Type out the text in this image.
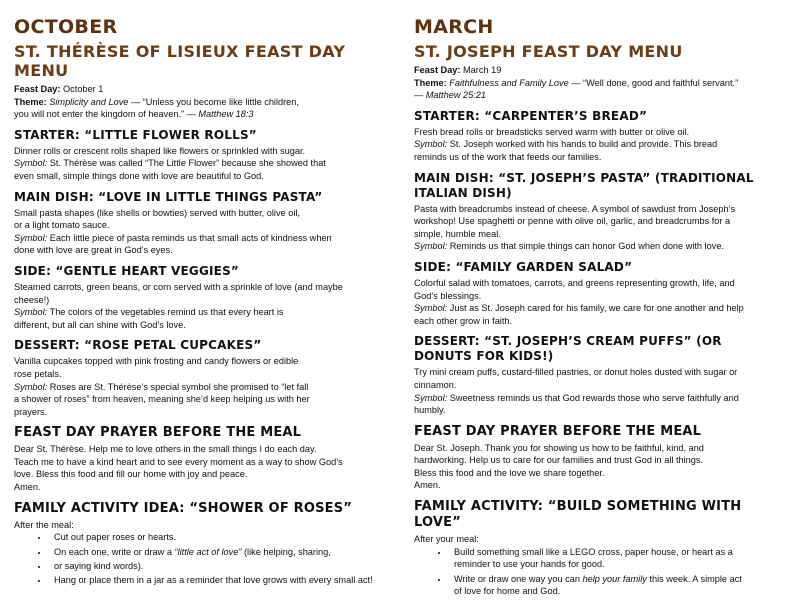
OCTOBER
ST. THÉRÈSE OF LISIEUX FEAST DAY MENU

Feast Day: October 1

Theme: Simplicity and Love — “Unless you become like little children,
you will not enter the kingdom of heaven.” — Matthew 18:3

STARTER: “LITTLE FLOWER ROLLS”

Dinner rolls or crescent rolls shaped like flowers or sprinkled with sugar.

Symbol: St. Thérèse was called “The Little Flower” because she showed that
even small, simple things done with love are beautiful to God.

MAIN DISH: “LOVE IN LITTLE THINGS PASTA”

Small pasta shapes (like shells or bowties) served with butter, olive oil,
or a light tomato sauce.

Symbol: Each little piece of pasta reminds us that small acts of kindness when
done with love are great in God’s eyes.

SIDE: “GENTLE HEART VEGGIES”

Steamed carrots, green beans, or corn served with a sprinkle of love (and maybe
cheese!)

Symbol: The colors of the vegetables remind us that every heart is
different, but all can shine with God’s love.

DESSERT: “ROSE PETAL CUPCAKES”

Vanilla cupcakes topped with pink frosting and candy flowers or edible
rose petals.

Symbol: Roses are St. Thérèse’s special symbol she promised to “let fall
a shower of roses” from heaven, meaning she’d keep helping us with her
prayers.

FEAST DAY PRAYER BEFORE THE MEAL

Dear St. Thérèse. Help me to love others in the small things I do each day.
Teach me to have a kind heart and to see every moment as a way to show God’s
love. Bless this food and fill our home with joy and peace.
Amen.

FAMILY ACTIVITY IDEA: “SHOWER OF ROSES”

After the meal:

• Cut out paper roses or hearts.
• On each one, write or draw a “little act of love” (like helping, sharing,
• or saying kind words).
• Hang or place them in a jar as a reminder that love grows with every small act!
MARCH
ST. JOSEPH FEAST DAY MENU

Feast Day: March 19

Theme: Faithfulness and Family Love — “Well done, good and faithful servant.”
— Matthew 25:21

STARTER: “CARPENTER’S BREAD”

Fresh bread rolls or breadsticks served warm with butter or olive oil.

Symbol: St. Joseph worked with his hands to build and provide. This bread
reminds us of the work that feeds our families.

MAIN DISH: “ST. JOSEPH’S PASTA” (TRADITIONAL ITALIAN DISH)

Pasta with breadcrumbs instead of cheese. A symbol of sawdust from Joseph’s
workshop! Use spaghetti or penne with olive oil, garlic, and breadcrumbs for a
simple, humble meal.

Symbol: Reminds us that simple things can honor God when done with love.

SIDE: “FAMILY GARDEN SALAD”

Colorful salad with tomatoes, carrots, and greens representing growth, life, and
God’s blessings.

Symbol: Just as St. Joseph cared for his family, we care for one another and help
each other grow in faith.

DESSERT: “ST. JOSEPH’S CREAM PUFFS” (OR DONUTS FOR KIDS!)

Try mini cream puffs, custard-filled pastries, or donut holes dusted with sugar or
cinnamon.

Symbol: Sweetness reminds us that God rewards those who serve faithfully and
humbly.

FEAST DAY PRAYER BEFORE THE MEAL

Dear St. Joseph. Thank you for showing us how to be faithful, kind, and
hardworking. Help us to care for our families and trust God in all things.
Bless this food and the love we share together.
Amen.

FAMILY ACTIVITY: “BUILD SOMETHING WITH LOVE”

After your meal:

• Build something small like a LEGO cross, paper house, or heart as a
reminder to use your hands for good.
• Write or draw one way you can help your family this week. A simple act
of love for home and God.
